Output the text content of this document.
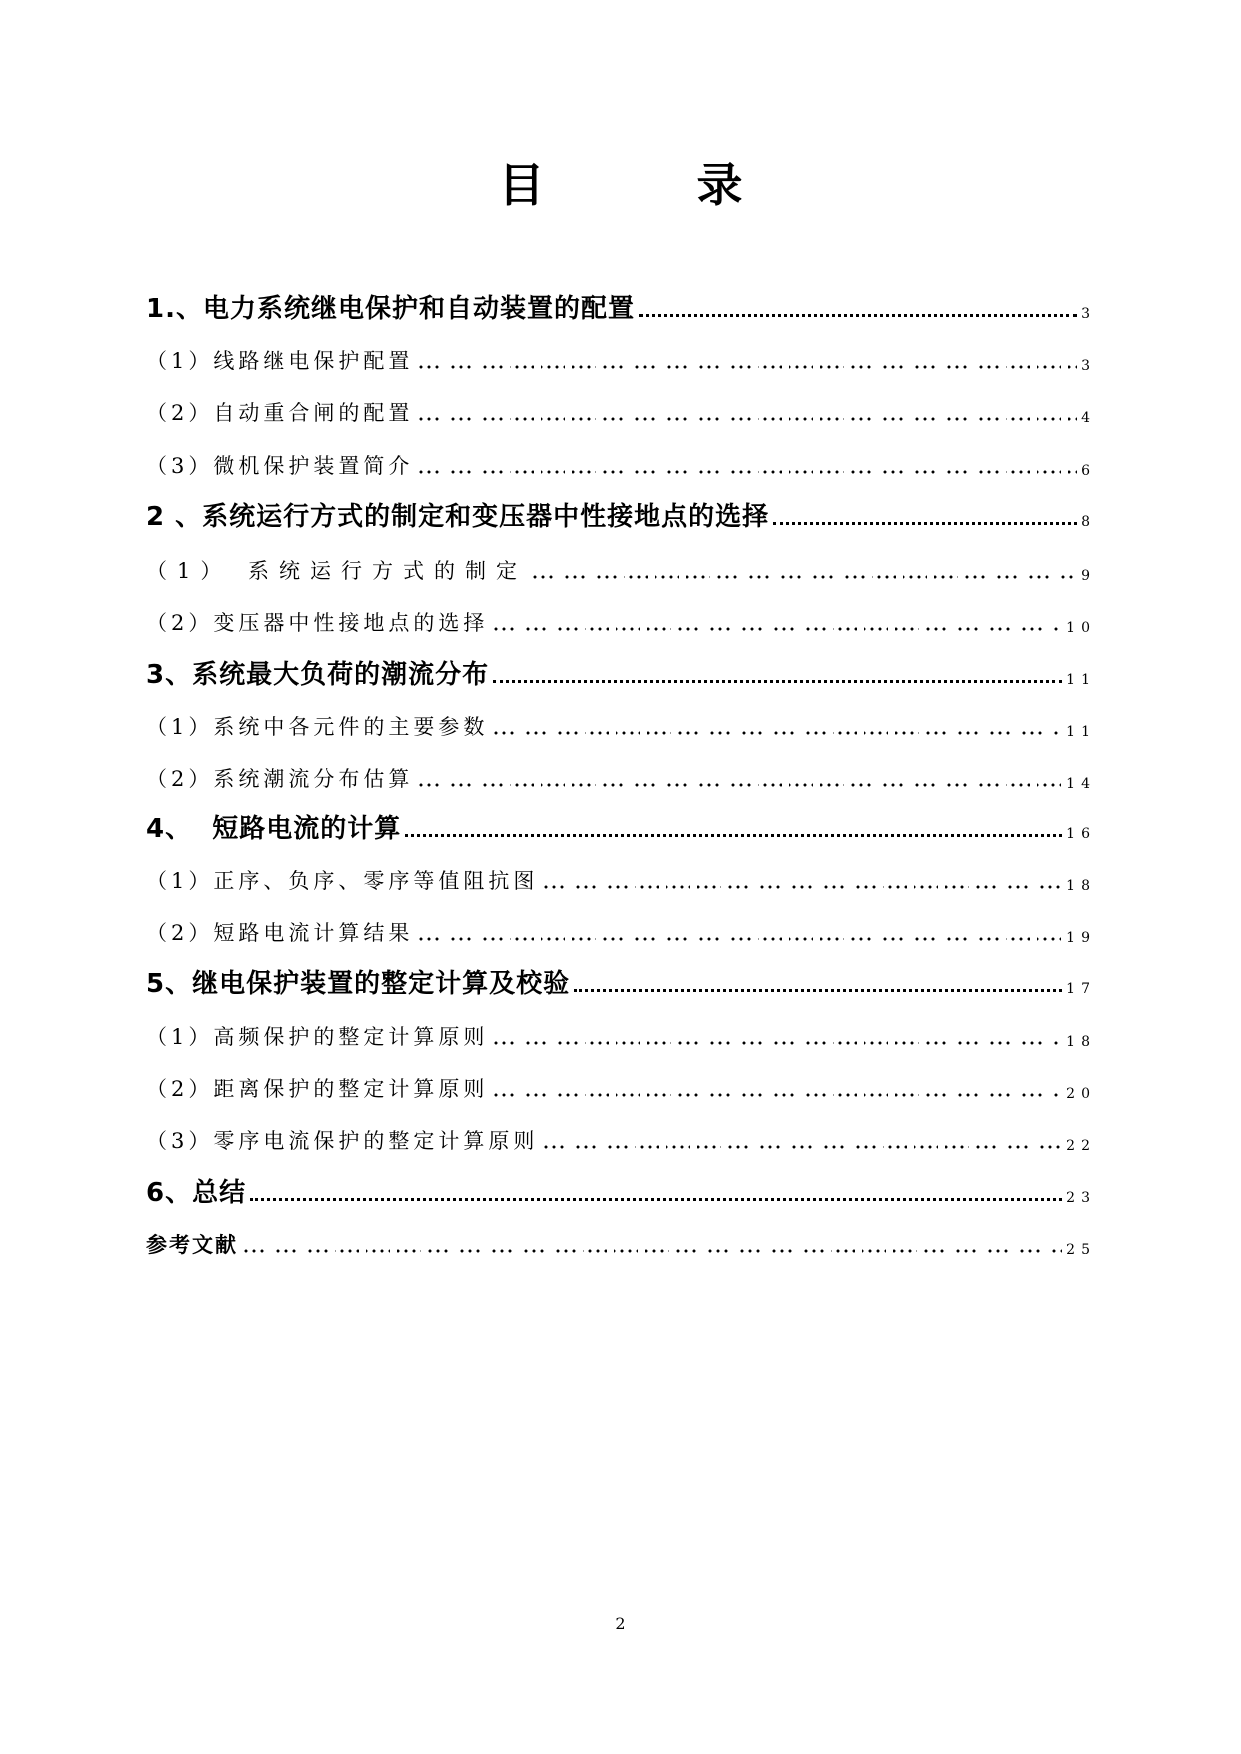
目  录
1.、电力系统继电保护和自动装置的配置	3
（1）线路继电保护配置	3
（2）自动重合闸的配置	4
（3）微机保护装置简介	6
2 、系统运行方式的制定和变压器中性接地点的选择	8
（1） 系统运行方式的制定	9
（2）变压器中性接地点的选择	10
3、系统最大负荷的潮流分布	11
（1）系统中各元件的主要参数	11
（2）系统潮流分布估算	14
4、  短路电流的计算	16
（1）正序、负序、零序等值阻抗图	18
（2）短路电流计算结果	19
5、继电保护装置的整定计算及校验	17
（1）高频保护的整定计算原则	18
（2）距离保护的整定计算原则	20
（3）零序电流保护的整定计算原则	22
6、总结	23
参考文献	25
2
